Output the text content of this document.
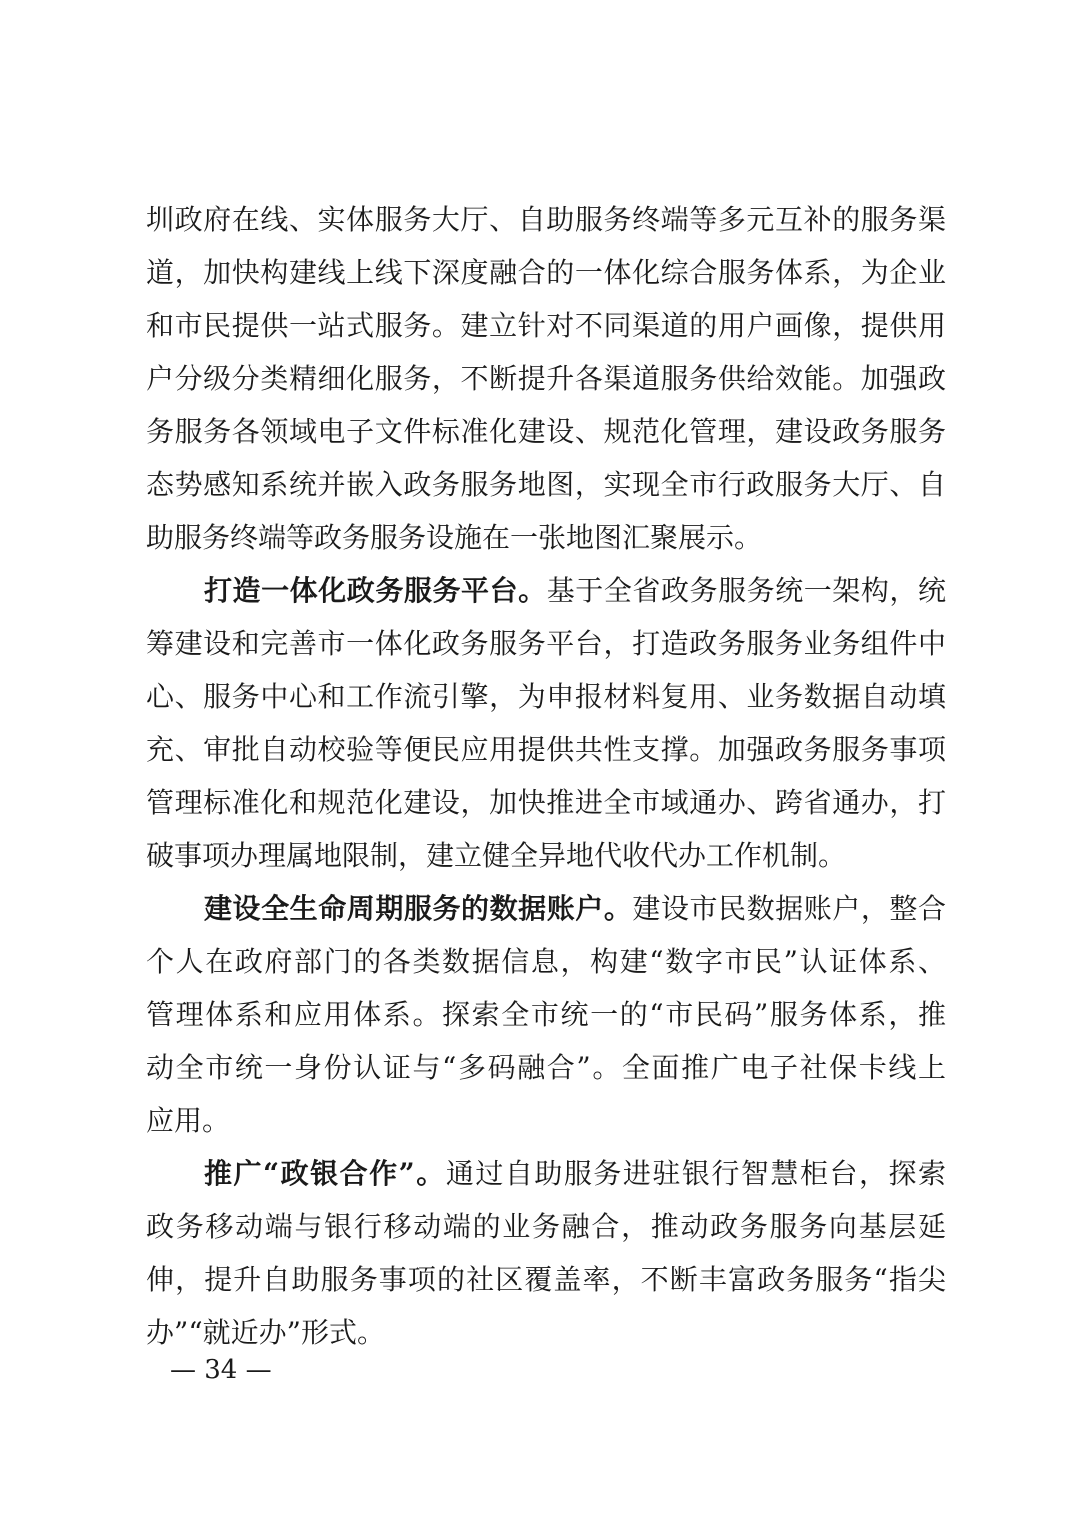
圳政府在线、实体服务大厅、自助服务终端等多元互补的服务渠
道，加快构建线上线下深度融合的一体化综合服务体系，为企业
和市民提供一站式服务。建立针对不同渠道的用户画像，提供用
户分级分类精细化服务，不断提升各渠道服务供给效能。加强政
务服务各领域电子文件标准化建设、规范化管理，建设政务服务
态势感知系统并嵌入政务服务地图，实现全市行政服务大厅、自
助服务终端等政务服务设施在一张地图汇聚展示。
打造一体化政务服务平台。基于全省政务服务统一架构，统
筹建设和完善市一体化政务服务平台，打造政务服务业务组件中
心、服务中心和工作流引擎，为申报材料复用、业务数据自动填
充、审批自动校验等便民应用提供共性支撑。加强政务服务事项
管理标准化和规范化建设，加快推进全市域通办、跨省通办，打
破事项办理属地限制，建立健全异地代收代办工作机制。
建设全生命周期服务的数据账户。建设市民数据账户，整合
个人在政府部门的各类数据信息，构建“数字市民”认证体系、
管理体系和应用体系。探索全市统一的“市民码”服务体系，推
动全市统一身份认证与“多码融合”。全面推广电子社保卡线上
应用。
推广“政银合作”。通过自助服务进驻银行智慧柜台，探索
政务移动端与银行移动端的业务融合，推动政务服务向基层延
伸，提升自助服务事项的社区覆盖率，不断丰富政务服务“指尖
办”“就近办”形式。
— 34 —
